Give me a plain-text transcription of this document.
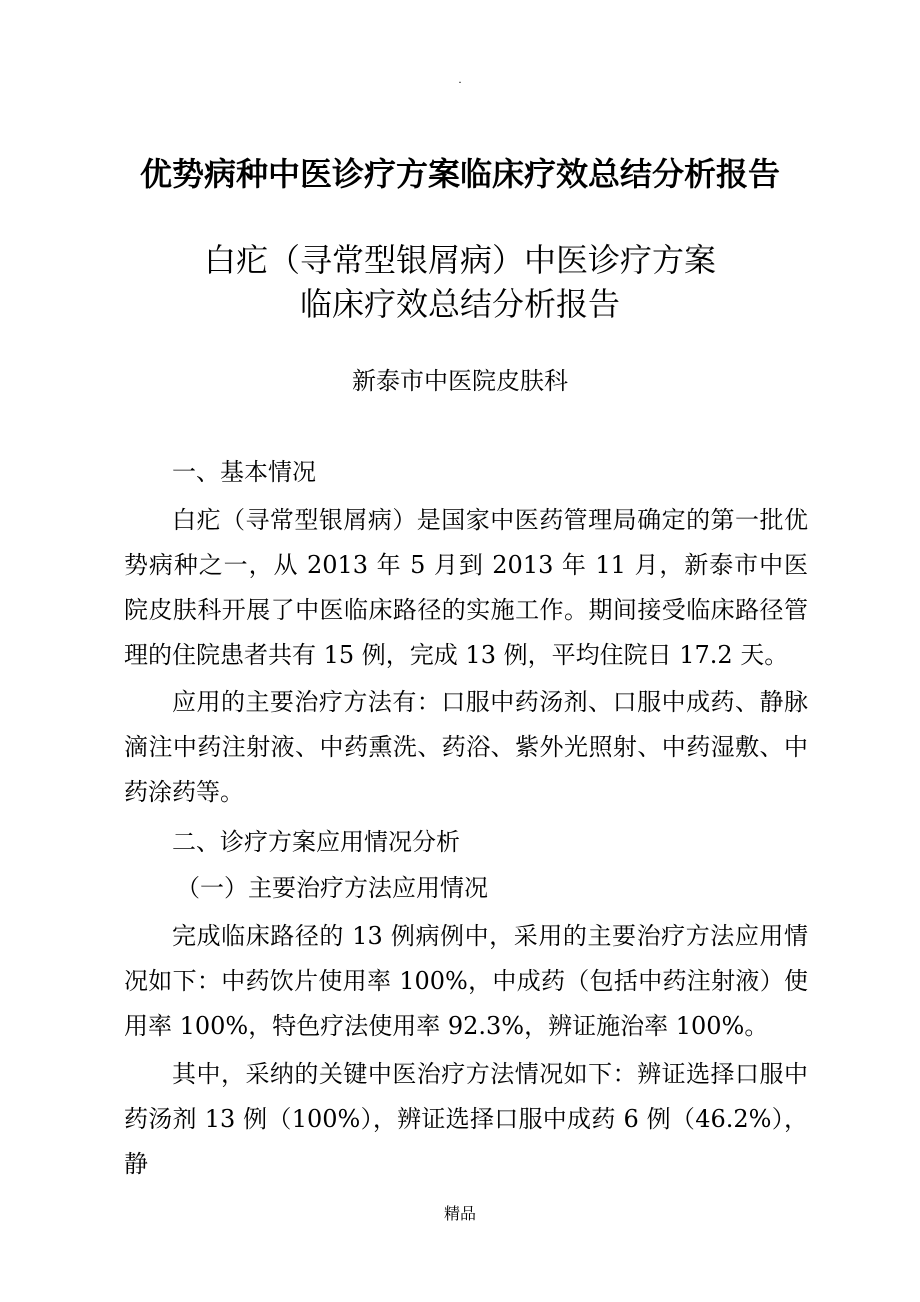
.
优势病种中医诊疗方案临床疗效总结分析报告
白疕（寻常型银屑病）中医诊疗方案
临床疗效总结分析报告
新泰市中医院皮肤科

一、基本情况

白疕（寻常型银屑病）是国家中医药管理局确定的第一批优势病种之一，从 2013 年 5 月到 2013 年 11 月，新泰市中医院皮肤科开展了中医临床路径的实施工作。期间接受临床路径管理的住院患者共有 15 例，完成 13 例，平均住院日 17.2 天。

应用的主要治疗方法有：口服中药汤剂、口服中成药、静脉滴注中药注射液、中药熏洗、药浴、紫外光照射、中药湿敷、中药涂药等。

二、诊疗方案应用情况分析

（一）主要治疗方法应用情况

完成临床路径的 13 例病例中，采用的主要治疗方法应用情况如下：中药饮片使用率 100%，中成药（包括中药注射液）使用率 100%，特色疗法使用率 92.3%，辨证施治率 100%。

其中，采纳的关键中医治疗方法情况如下：辨证选择口服中药汤剂 13 例（100%），辨证选择口服中成药 6 例（46.2%），静

精品
